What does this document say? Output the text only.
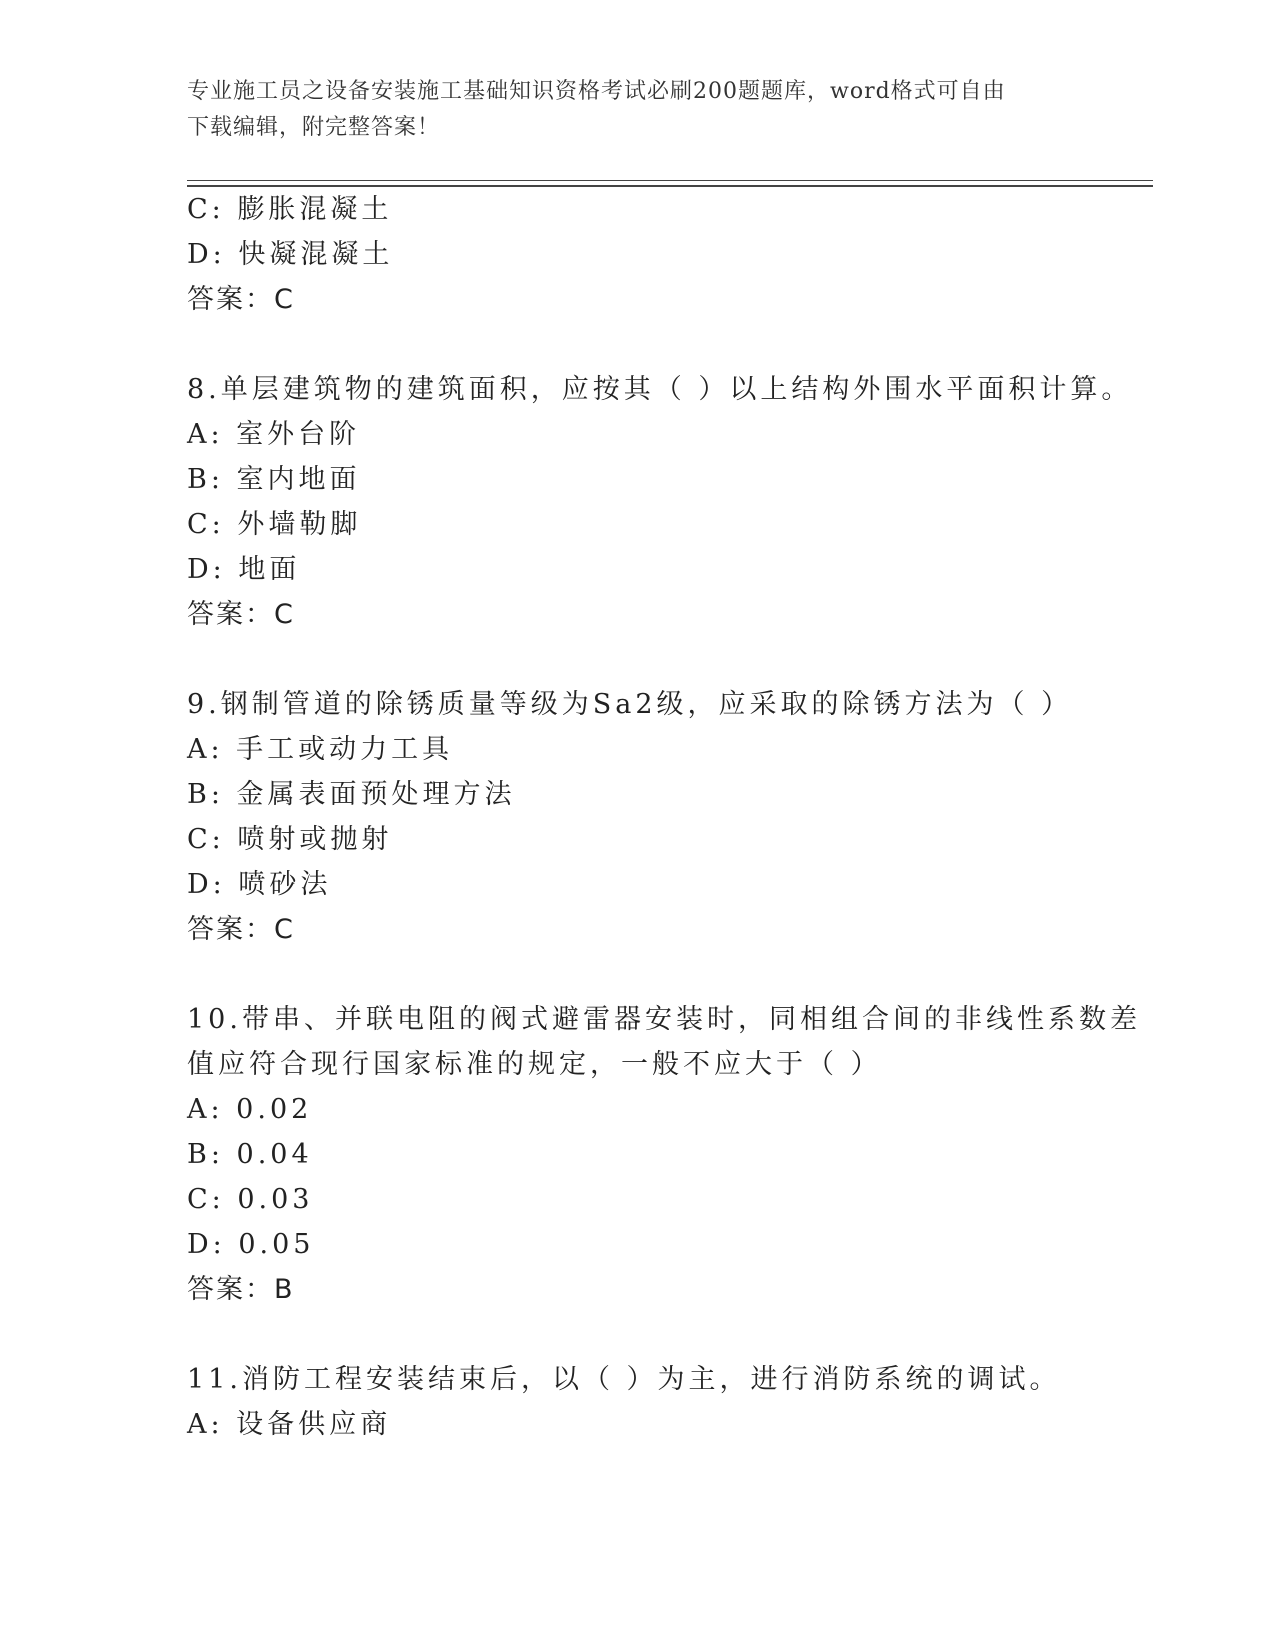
专业施工员之设备安装施工基础知识资格考试必刷200题题库，word格式可自由
下载编辑，附完整答案！
C: 膨胀混凝土
D: 快凝混凝土
答案：C
8.单层建筑物的建筑面积，应按其（ ）以上结构外围水平面积计算。
A: 室外台阶
B: 室内地面
C: 外墙勒脚
D: 地面
答案：C
9.钢制管道的除锈质量等级为Sa2级，应采取的除锈方法为（ ）
A: 手工或动力工具
B: 金属表面预处理方法
C: 喷射或抛射
D: 喷砂法
答案：C
10.带串、并联电阻的阀式避雷器安装时，同相组合间的非线性系数差
值应符合现行国家标准的规定，一般不应大于（ ）
A: 0.02
B: 0.04
C: 0.03
D: 0.05
答案：B
11.消防工程安装结束后，以（ ）为主，进行消防系统的调试。
A: 设备供应商
